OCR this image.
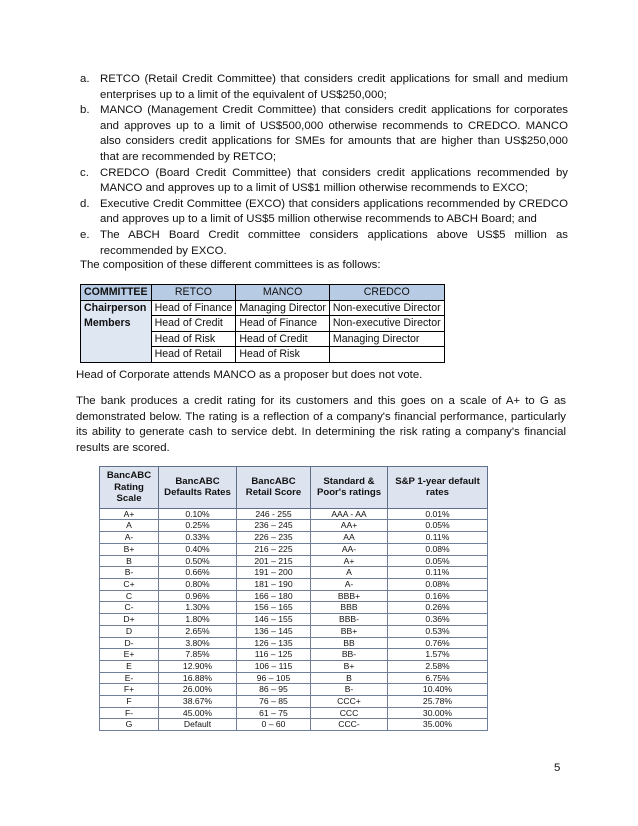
a. RETCO (Retail Credit Committee) that considers credit applications for small and medium enterprises up to a limit of the equivalent of US$250,000;
b. MANCO (Management Credit Committee) that considers credit applications for corporates and approves up to a limit of US$500,000 otherwise recommends to CREDCO. MANCO also considers credit applications for SMEs for amounts that are higher than US$250,000 that are recommended by RETCO;
c. CREDCO (Board Credit Committee) that considers credit applications recommended by MANCO and approves up to a limit of US$1 million otherwise recommends to EXCO;
d. Executive Credit Committee (EXCO) that considers applications recommended by CREDCO and approves up to a limit of US$5 million otherwise recommends to ABCH Board; and
e. The ABCH Board Credit committee considers applications above US$5 million as recommended by EXCO.
The composition of these different committees is as follows:
COMMITTEE	RETCO	MANCO	CREDCO
Chairperson	Head of Finance	Managing Director	Non-executive Director
Members	Head of Credit	Head of Finance	Non-executive Director
	Head of Risk	Head of Credit	Managing Director
	Head of Retail	Head of Risk	
Head of Corporate attends MANCO as a proposer but does not vote.
The bank produces a credit rating for its customers and this goes on a scale of A+ to G as demonstrated below. The rating is a reflection of a company's financial performance, particularly its ability to generate cash to service debt. In determining the risk rating a company's financial results are scored.
BancABC Rating Scale	BancABC Defaults Rates	BancABC Retail Score	Standard & Poor's ratings	S&P 1-year default rates
A+	0.10%	246 - 255	AAA - AA	0.01%
A	0.25%	236 – 245	AA+	0.05%
A-	0.33%	226 – 235	AA	0.11%
B+	0.40%	216 – 225	AA-	0.08%
B	0.50%	201 – 215	A+	0.05%
B-	0.66%	191 – 200	A	0.11%
C+	0.80%	181 – 190	A-	0.08%
C	0.96%	166 – 180	BBB+	0.16%
C-	1.30%	156 – 165	BBB	0.26%
D+	1.80%	146 – 155	BBB-	0.36%
D	2.65%	136 – 145	BB+	0.53%
D-	3.80%	126 – 135	BB	0.76%
E+	7.85%	116 – 125	BB-	1.57%
E	12.90%	106 – 115	B+	2.58%
E-	16.88%	96 – 105	B	6.75%
F+	26.00%	86 – 95	B-	10.40%
F	38.67%	76 – 85	CCC+	25.78%
F-	45.00%	61 – 75	CCC	30.00%
G	Default	0 – 60	CCC-	35.00%
5
